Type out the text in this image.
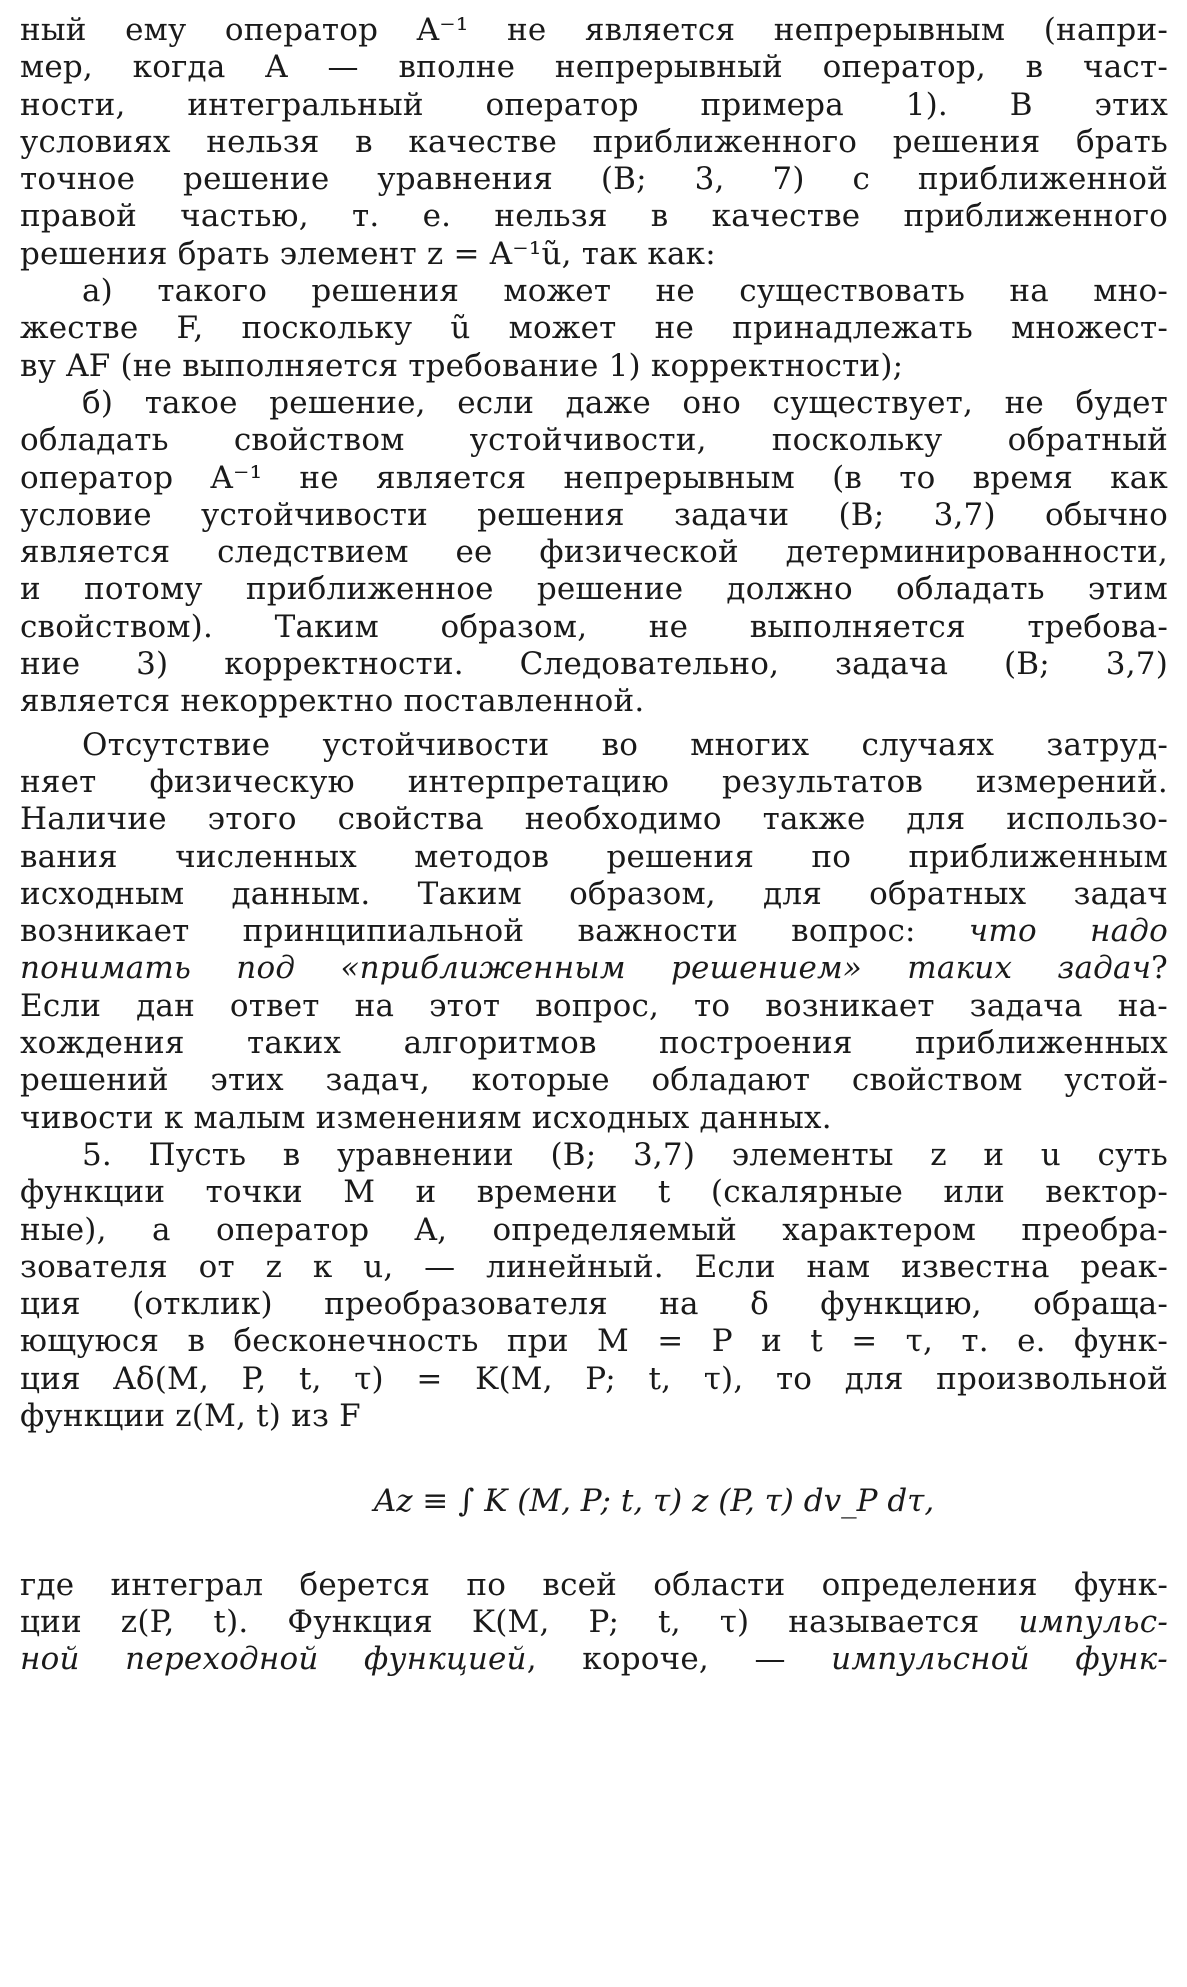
ный ему оператор A⁻¹ не является непрерывным (напри-
мер, когда A — вполне непрерывный оператор, в част-
ности, интегральный оператор примера 1). В этих
условиях нельзя в качестве приближенного решения брать
точное решение уравнения (В; 3, 7) с приближенной
правой частью, т. е. нельзя в качестве приближенного
решения брать элемент z = A⁻¹ũ, так как:
а) такого решения может не существовать на мно-
жестве F, поскольку ũ может не принадлежать множест-
ву AF (не выполняется требование 1) корректности);
б) такое решение, если даже оно существует, не будет
обладать свойством устойчивости, поскольку обратный
оператор A⁻¹ не является непрерывным (в то время как
условие устойчивости решения задачи (В; 3,7) обычно
является следствием ее физической детерминированности,
и потому приближенное решение должно обладать этим
свойством). Таким образом, не выполняется требова-
ние 3) корректности. Следовательно, задача (В; 3,7)
является некорректно поставленной.
Отсутствие устойчивости во многих случаях затруд-
няет физическую интерпретацию результатов измерений.
Наличие этого свойства необходимо также для использо-
вания численных методов решения по приближенным
исходным данным. Таким образом, для обратных задач
возникает принципиальной важности вопрос: что надо
понимать под «приближенным решением» таких задач?
Если дан ответ на этот вопрос, то возникает задача на-
хождения таких алгоритмов построения приближенных
решений этих задач, которые обладают свойством устой-
чивости к малым изменениям исходных данных.
5. Пусть в уравнении (В; 3,7) элементы z и u суть
функции точки M и времени t (скалярные или вектор-
ные), а оператор A, определяемый характером преобра-
зователя от z к u, — линейный. Если нам известна реак-
ция (отклик) преобразователя на δ функцию, обраща-
ющуюся в бесконечность при M = P и t = τ, т. е. функ-
ция Aδ(M, P, t, τ) = K(M, P; t, τ), то для произвольной
функции z(M, t) из F
Az ≡ ∫ K (M, P; t, τ) z (P, τ) dv_P dτ,
где интеграл берется по всей области определения функ-
ции z(P, t). Функция K(M, P; t, τ) называется импульс-
ной переходной функцией, короче, — импульсной функ-
